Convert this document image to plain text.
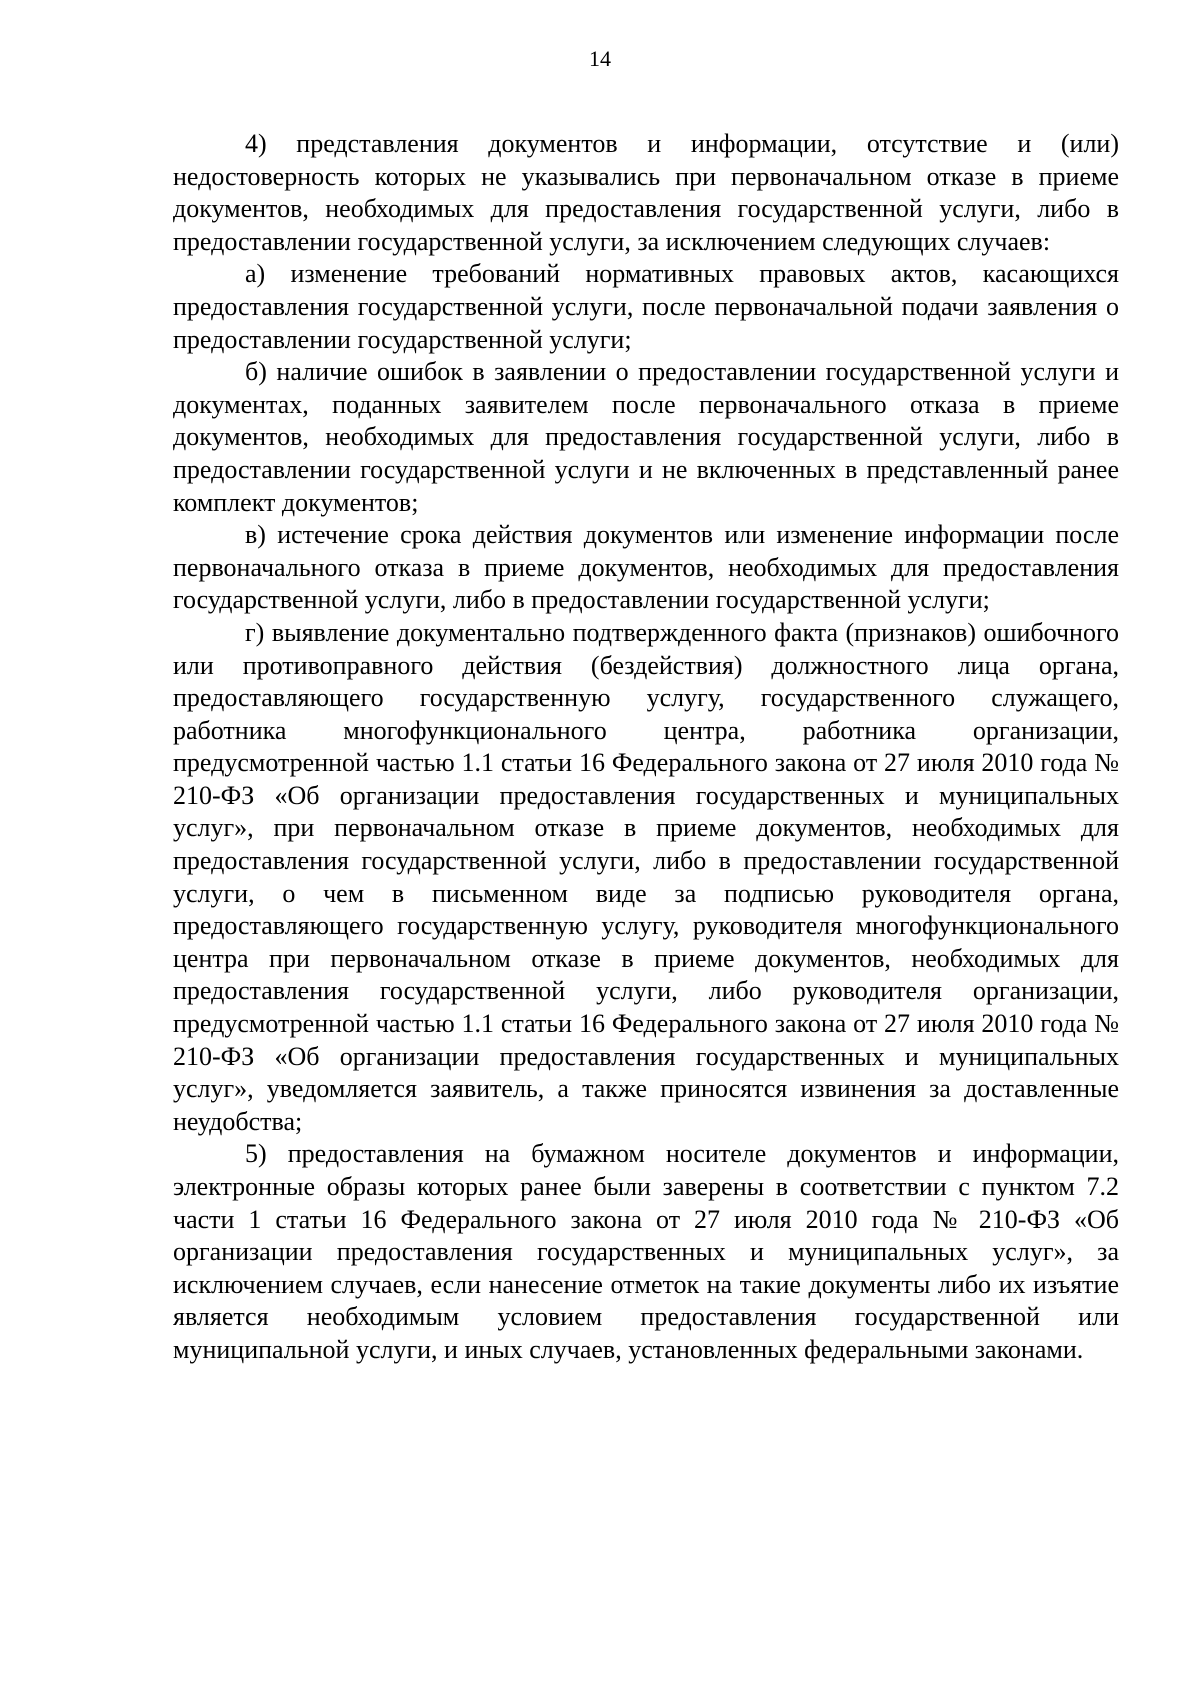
14

4) представления документов и информации, отсутствие и (или) недостоверность которых не указывались при первоначальном отказе в приеме документов, необходимых для предоставления государственной услуги, либо в предоставлении государственной услуги, за исключением следующих случаев:

а) изменение требований нормативных правовых актов, касающихся предоставления государственной услуги, после первоначальной подачи заявления о предоставлении государственной услуги;

б) наличие ошибок в заявлении о предоставлении государственной услуги и документах, поданных заявителем после первоначального отказа в приеме документов, необходимых для предоставления государственной услуги, либо в предоставлении государственной услуги и не включенных в представленный ранее комплект документов;

в) истечение срока действия документов или изменение информации после первоначального отказа в приеме документов, необходимых для предоставления государственной услуги, либо в предоставлении государственной услуги;

г) выявление документально подтвержденного факта (признаков) ошибочного или противоправного действия (бездействия) должностного лица органа, предоставляющего государственную услугу, государственного служащего, работника многофункционального центра, работника организации, предусмотренной частью 1.1 статьи 16 Федерального закона от 27 июля 2010 года № 210-ФЗ «Об организации предоставления государственных и муниципальных услуг», при первоначальном отказе в приеме документов, необходимых для предоставления государственной услуги, либо в предоставлении государственной услуги, о чем в письменном виде за подписью руководителя органа, предоставляющего государственную услугу, руководителя многофункционального центра при первоначальном отказе в приеме документов, необходимых для предоставления государственной услуги, либо руководителя организации, предусмотренной частью 1.1 статьи 16 Федерального закона от 27 июля 2010 года № 210-ФЗ «Об организации предоставления государственных и муниципальных услуг», уведомляется заявитель, а также приносятся извинения за доставленные неудобства;

5) предоставления на бумажном носителе документов и информации, электронные образы которых ранее были заверены в соответствии с пунктом 7.2 части 1 статьи 16 Федерального закона от 27 июля 2010 года № 210-ФЗ «Об организации предоставления государственных и муниципальных услуг», за исключением случаев, если нанесение отметок на такие документы либо их изъятие является необходимым условием предоставления государственной или муниципальной услуги, и иных случаев, установленных федеральными законами.
